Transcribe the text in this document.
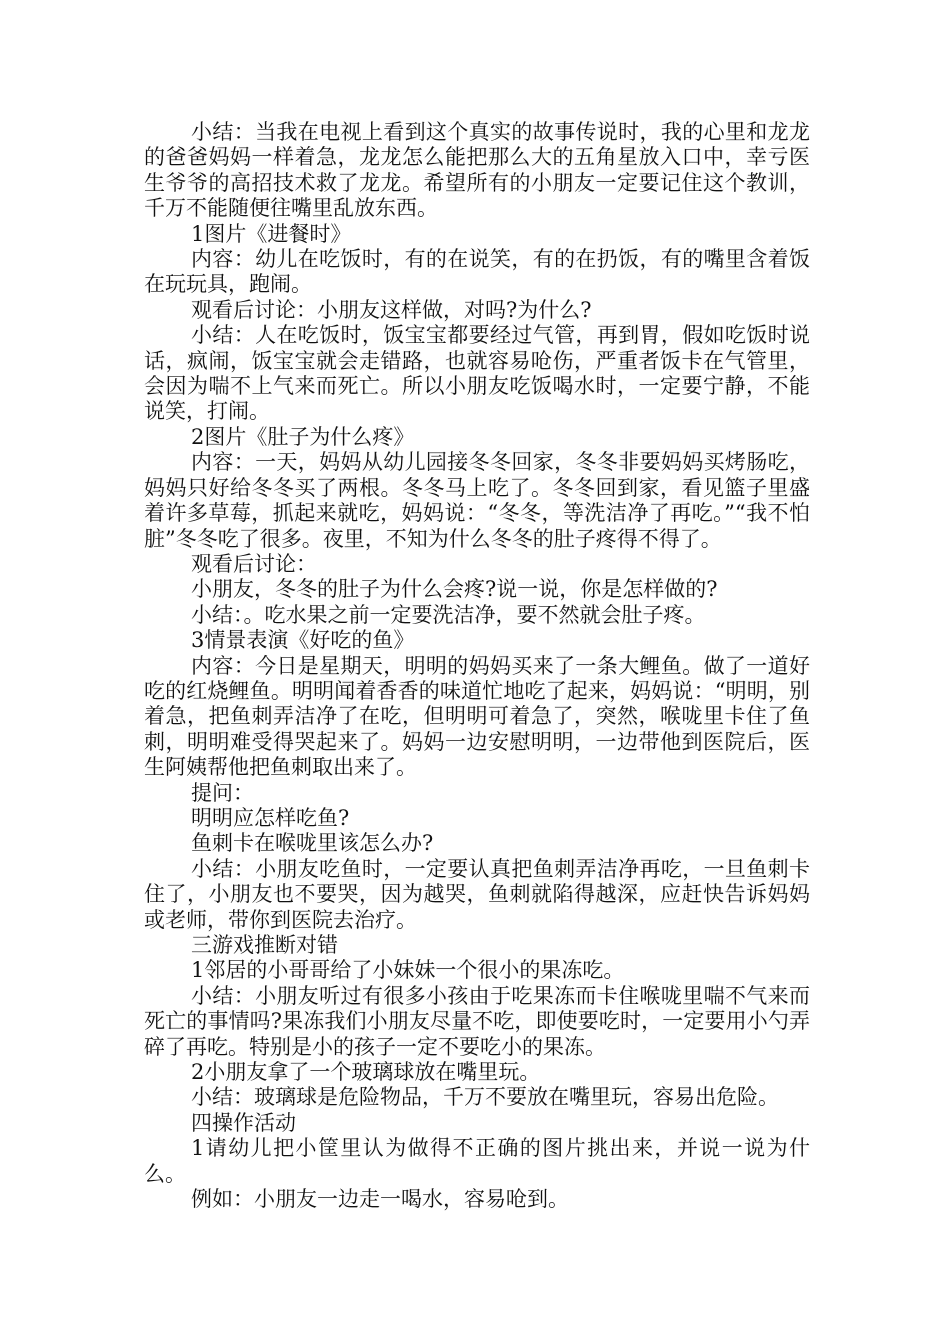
小结：当我在电视上看到这个真实的故事传说时，我的心里和龙龙的爸爸妈妈一样着急，龙龙怎么能把那么大的五角星放入口中，幸亏医生爷爷的高招技术救了龙龙。希望所有的小朋友一定要记住这个教训，千万不能随便往嘴里乱放东西。

1图片《进餐时》

内容：幼儿在吃饭时，有的在说笑，有的在扔饭，有的嘴里含着饭在玩玩具，跑闹。

观看后讨论：小朋友这样做，对吗?为什么?

小结：人在吃饭时，饭宝宝都要经过气管，再到胃，假如吃饭时说话，疯闹，饭宝宝就会走错路，也就容易呛伤，严重者饭卡在气管里，会因为喘不上气来而死亡。所以小朋友吃饭喝水时，一定要宁静，不能说笑，打闹。

2图片《肚子为什么疼》

内容：一天，妈妈从幼儿园接冬冬回家，冬冬非要妈妈买烤肠吃，妈妈只好给冬冬买了两根。冬冬马上吃了。冬冬回到家，看见篮子里盛着许多草莓，抓起来就吃，妈妈说：“冬冬，等洗洁净了再吃。”“我不怕脏”冬冬吃了很多。夜里，不知为什么冬冬的肚子疼得不得了。

观看后讨论：

小朋友，冬冬的肚子为什么会疼?说一说，你是怎样做的?

小结：。吃水果之前一定要洗洁净，要不然就会肚子疼。

3情景表演《好吃的鱼》

内容：今日是星期天，明明的妈妈买来了一条大鲤鱼。做了一道好吃的红烧鲤鱼。明明闻着香香的味道忙地吃了起来，妈妈说：“明明，别着急，把鱼刺弄洁净了在吃，但明明可着急了，突然，喉咙里卡住了鱼刺，明明难受得哭起来了。妈妈一边安慰明明，一边带他到医院后，医生阿姨帮他把鱼刺取出来了。

提问：

明明应怎样吃鱼?

鱼刺卡在喉咙里该怎么办?

小结：小朋友吃鱼时，一定要认真把鱼刺弄洁净再吃，一旦鱼刺卡住了，小朋友也不要哭，因为越哭，鱼刺就陷得越深，应赶快告诉妈妈或老师，带你到医院去治疗。

三游戏推断对错

1邻居的小哥哥给了小妹妹一个很小的果冻吃。

小结：小朋友听过有很多小孩由于吃果冻而卡住喉咙里喘不气来而死亡的事情吗?果冻我们小朋友尽量不吃，即使要吃时，一定要用小勺弄碎了再吃。特别是小的孩子一定不要吃小的果冻。

2小朋友拿了一个玻璃球放在嘴里玩。

小结：玻璃球是危险物品，千万不要放在嘴里玩，容易出危险。

四操作活动

1请幼儿把小筐里认为做得不正确的图片挑出来，并说一说为什么。

例如：小朋友一边走一喝水，容易呛到。
